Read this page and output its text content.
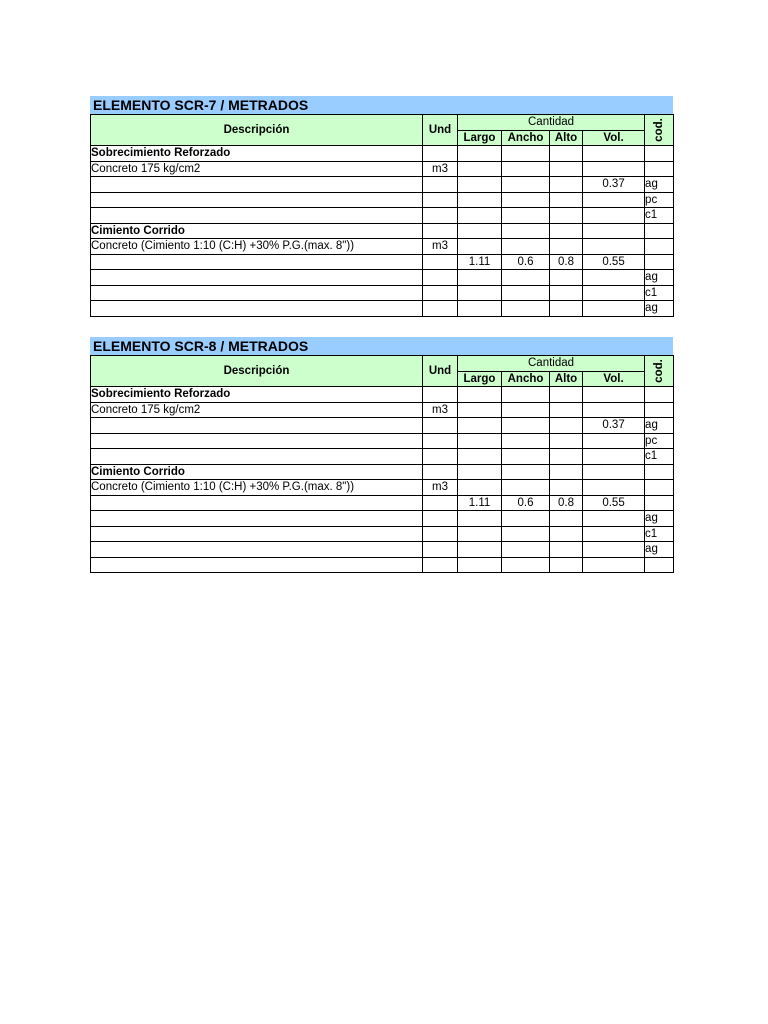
ELEMENTO SCR-7 / METRADOS
Descripción	Und	Cantidad				cod.

		Largo	Ancho	Alto	Vol.	
Sobrecimiento Reforzado						
Concreto 175 kg/cm2	m3					
					0.37	ag
						pc
						c1
Cimiento Corrido						
Concreto (Cimiento 1:10 (C:H) +30% P.G.(max. 8"))	m3					
		1.11	0.6	0.8	0.55	
						ag
						c1
						ag
ELEMENTO SCR-8 / METRADOS
Descripción	Und	Cantidad				cod.

		Largo	Ancho	Alto	Vol.	
Sobrecimiento Reforzado						
Concreto 175 kg/cm2	m3					
					0.37	ag
						pc
						c1
Cimiento Corrido						
Concreto (Cimiento 1:10 (C:H) +30% P.G.(max. 8"))	m3					
		1.11	0.6	0.8	0.55	
						ag
						c1
						ag
